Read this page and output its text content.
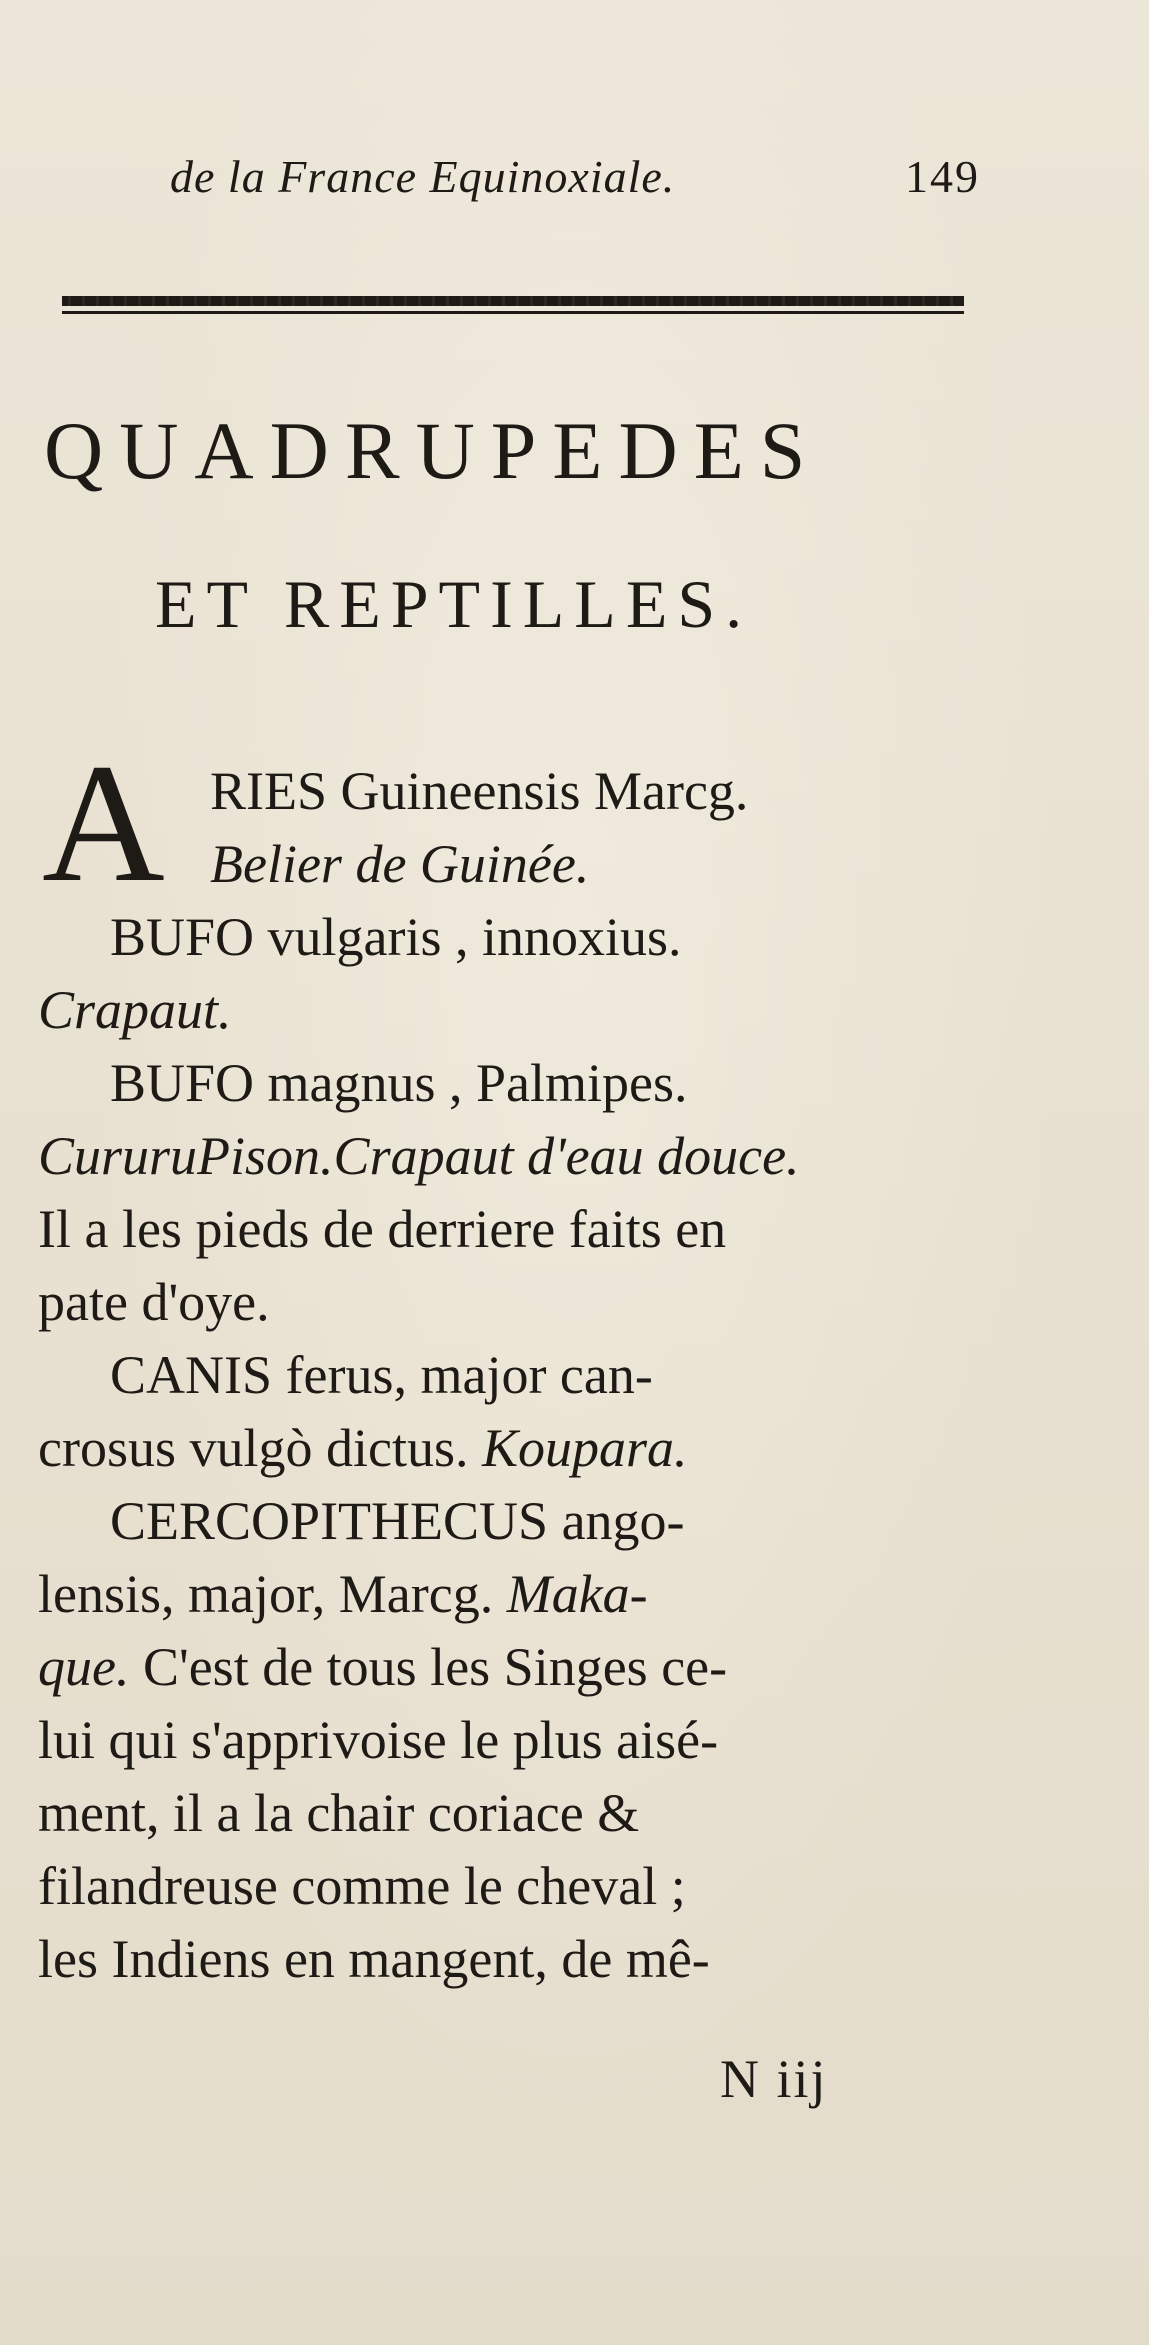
de la France Equinoxiale.	149
QUADRUPEDES
ET REPTILLES.
A RIES Guineensis Marcg.
Belier de Guinée.
BUFO vulgaris , innoxius.
Crapaut.
BUFO magnus , Palmipes.
CururuPison.Crapaut d'eau douce.
Il a les pieds de derriere faits en
pate d'oye.
CANIS ferus, major can-
crosus vulgò dictus. Koupara.
CERCOPITHECUS ango-
lensis, major, Marcg. Maka-
que. C'est de tous les Singes ce-
lui qui s'apprivoise le plus aisé-
ment, il a la chair coriace &
filandreuse comme le cheval ;
les Indiens en mangent, de mê-
N iij
